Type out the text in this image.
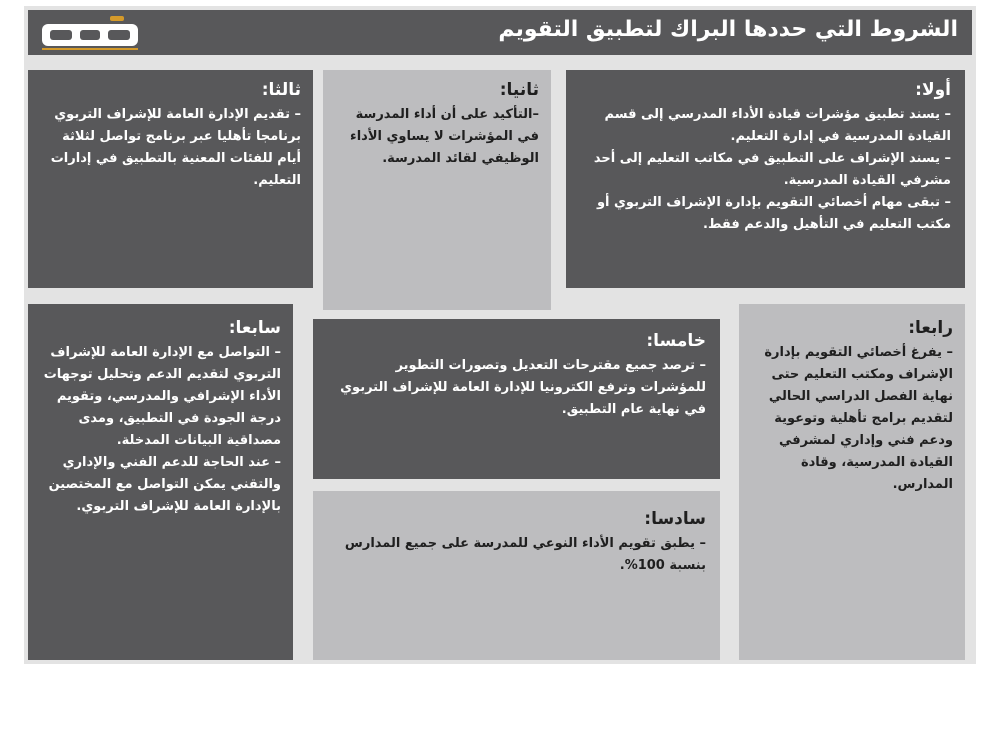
الشروط التي حددها البراك لتطبيق التقويم
أولا:

– يسند تطبيق مؤشرات قيادة الأداء المدرسي إلى قسم القيادة المدرسية في إدارة التعليم.
– يسند الإشراف على التطبيق في مكاتب التعليم إلى أحد مشرفي القيادة المدرسية.
– تبقى مهام أخصائي التقويم بإدارة الإشراف التربوي أو مكتب التعليم في التأهيل والدعم فقط.

ثانيا:

–التأكيد على أن أداء المدرسة في المؤشرات لا يساوي الأداء الوظيفي لقائد المدرسة.

ثالثا:

– تقديم الإدارة العامة للإشراف التربوي برنامجا تأهليا عبر برنامج تواصل لثلاثة أيام للفئات المعنية بالتطبيق في إدارات التعليم.

رابعا:

– يفرغ أخصائي التقويم بإدارة الإشراف ومكتب التعليم حتى نهاية الفصل الدراسي الحالي لتقديم برامج تأهلية وتوعوية ودعم فني وإداري لمشرفي القيادة المدرسية، وقادة المدارس.

خامسا:

– ترصد جميع مقترحات التعديل وتصورات التطوير للمؤشرات وترفع الكترونيا للإدارة العامة للإشراف التربوي في نهاية عام التطبيق.

سادسا:

– يطبق تقويم الأداء النوعي للمدرسة على جميع المدارس بنسبة 100%.

سابعا:

– التواصل مع الإدارة العامة للإشراف التربوي لتقديم الدعم وتحليل توجهات الأداء الإشرافي والمدرسي، وتقويم درجة الجودة في التطبيق، ومدى مصداقية البيانات المدخلة.
– عند الحاجة للدعم الفني والإداري والتقني يمكن التواصل مع المختصين بالإدارة العامة للإشراف التربوي.
